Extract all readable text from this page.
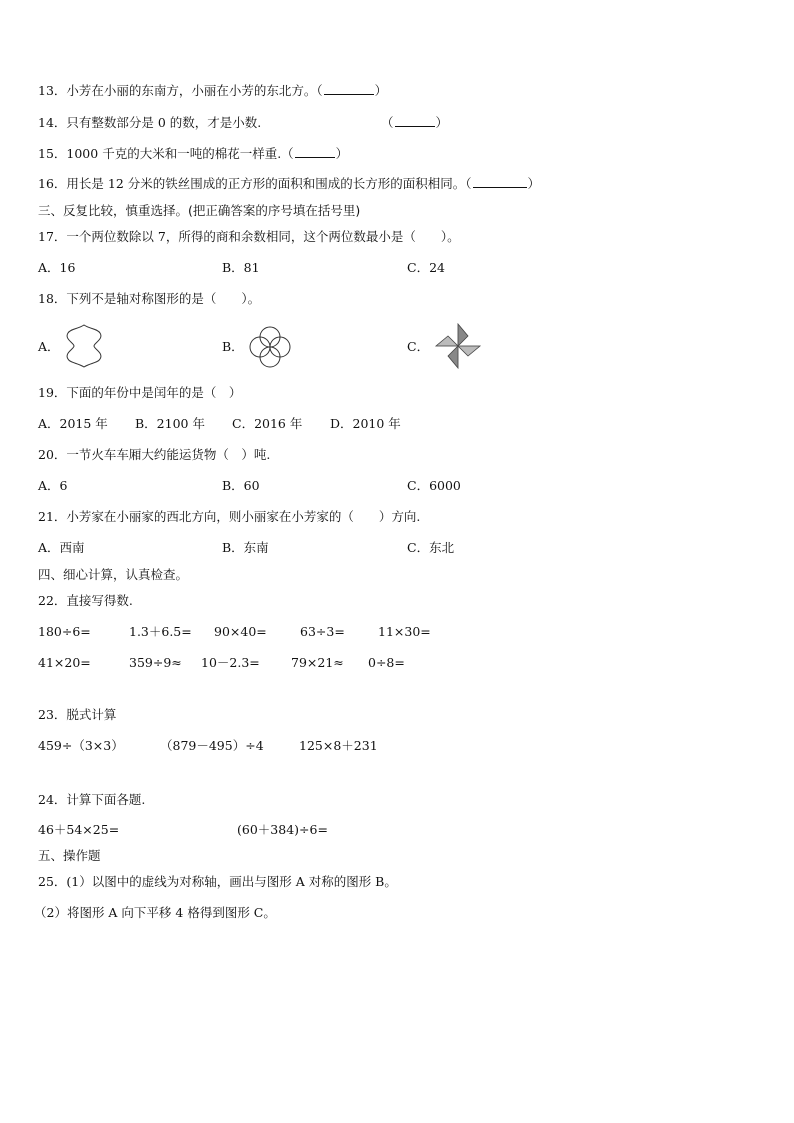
13．小芳在小丽的东南方，小丽在小芳的东北方。（	）
14．只有整数部分是 0 的数，才是小数.	（	）
15．1000 千克的大米和一吨的棉花一样重.（	）
16．用长是 12 分米的铁丝围成的正方形的面积和围成的长方形的面积相同。（	）
三、反复比较，慎重选择。(把正确答案的序号填在括号里)
17．一个两位数除以 7，所得的商和余数相同，这个两位数最小是（　　）。
A．16	B．81	C．24
18．下列不是轴对称图形的是（　　）。
A．	B．	C．
19．下面的年份中是闰年的是（　）
A．2015 年 B．2100 年 C．2016 年 D．2010 年
20．一节火车车厢大约能运货物（　）吨.
A．6	B．60	C．6000
21．小芳家在小丽家的西北方向，则小丽家在小芳家的（　　）方向.
A．西南	B．东南	C．东北
四、细心计算，认真检查。
22．直接写得数.
180÷6=	1.3＋6.5= 90×40=	63÷3=	11×30=
41×20=	359÷9≈ 10－2.3= 79×21≈ 0÷8=
23．脱式计算
459÷（3×3）	（879－495）÷4	125×8＋231
24．计算下面各题.
46＋54×25=	(60＋384)÷6=
五、操作题
25．(1）以图中的虚线为对称轴，画出与图形 A 对称的图形 B。
（2）将图形 A 向下平移 4 格得到图形 C。
